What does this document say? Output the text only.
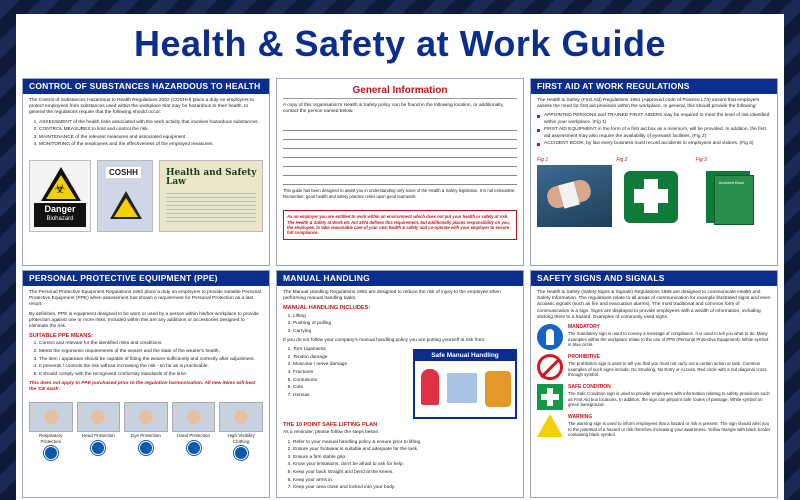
Health & Safety at Work Guide
CONTROL OF SUBSTANCES HAZARDOUS TO HEALTH

The Control of Substances Hazardous to Health Regulations 2002 (COSHH) place a duty on employers to protect employees from substances used within the workplace that may be hazardous to their health. In general the regulations require that the following should occur:

1. ASSESSMENT of the health risks associated with the work activity that involves hazardous substances.
2. CONTROL MEASURES to limit and control the risk.
3. MAINTENANCE of the relevant measures and associated equipment.
4. MONITORING of the employees and the effectiveness of the employed measures.
☣
Danger
Biohazard
COSHH	Health and Safety Law
General Information

A copy of this organisation's Health & Safety policy can be found in the following location, or additionally, contact the person named below.

This guide has been designed to assist you in understanding only some of the Health & Safety legislation. It is not exhaustive. Remember, good health and safety practice relies upon good teamwork.

As an employer you are entitled to work within an environment which does not put your health or safety at risk. The Health & Safety at Work etc Act 1974 defines this requirement, but additionally places responsibility on you, the employee, to take reasonable care of your own health & safety and co-operate with your employer to ensure full compliance.
FIRST AID AT WORK REGULATIONS

The Health & Safety (First Aid) Regulations 1981 (Approved code of Practice L74) ensure that employers assess the need for first aid provision within the workplace. In general, this should provide the following:

APPOINTED PERSONS and TRAINED FIRST AIDERS may be required to meet the level of risk identified within your workplace. (Fig 1)
FIRST AID EQUIPMENT in the form of a first aid box as a minimum, will be provided. In addition, the first aid assessment may also require the availability of eyewash facilities. (Fig 2)
ACCIDENT BOOK, by law every business must record accidents to employees and visitors. (Fig 3)
Fig 1	Fig 2	Fig 3
Accident Book
PERSONAL PROTECTIVE EQUIPMENT (PPE)

The Personal Protective Equipment Regulations 1992 place a duty on employers to provide suitable Personal Protective Equipment (PPE) when assessment has shown a requirement for Personal Protection as a last resort.

By definition, PPE is equipment designed to be worn or used by a person within his/her workplace to provide protection against one or more risks. Included within this are any additions or accessories designed to eliminate the risk.

SUITABLE PPE MEANS:
1. Correct and relevant for the identified risks and conditions.
2. Meets the ergonomic requirements of the wearer and the state of the wearer's health.
3. The item / apparatus should be capable of fitting the wearer sufficiently and correctly after adjustment.
4. It prevents / controls the risk without increasing the risk - so far as is practicable.
5. It should comply with the recognised conformity standards of the time.

This does not apply to PPE purchased prior to the regulation harmonisation. All new items will bear the 'CE mark'.

Respiratory Protection
Head Protection	Eye Protection	Hand Protection	High Visibility Clothing
MANUAL HANDLING

The Manual Handling Regulations 1992 are designed to reduce the risk of injury to the employee when performing manual handling tasks.

MANUAL HANDLING INCLUDES:
1. Lifting
2. Pushing or pulling
3. Carrying

If you do not follow your company's manual handling policy you are putting yourself at risk from:

1. Torn Ligaments
2. Tendon damage
3. Muscular / nerve damage
4. Fractures
5. Contusions
6. Cuts
7. Hernias
Safe Manual Handling
THE 10 POINT SAFE LIFTING PLAN

As a reminder, please follow the steps below:

1. Refer to your manual handling policy & ensure prior to lifting.
2. Ensure your footwear is suitable and adequate for the task.
3. Ensure a firm stable grip.
4. Know your limitations, don't be afraid to ask for help.
5. Keep your back straight and bend at the knees.
6. Keep your arms in.
7. Keep your area close and locked into your body.
SAFETY SIGNS AND SIGNALS

The Health & Safety (Safety Signs & Signals) Regulations 1996 are designed to communicate Health and Safety Information. The regulations relate to all areas of communication for example illustrated signs and even acoustic signals (such as fire and evacuation alarms). The most traditional and common form of communication is a sign. Signs are displayed to provide employees with a wealth of information, including sticking them to a hazard. Examples of commonly used signs.

MANDATORY
The mandatory sign is used to convey a message of compliance. It is used to tell you what to do. Many examples within the workplace relate to the use of PPE (Personal Protective Equipment). White symbol in blue circle.
PROHIBITIVE
The prohibition sign is used to tell you that you must not carry out a certain action or task. Common examples of such signs include: No Smoking, No Entry or Access. Red circle with a red diagonal cross through symbol.
SAFE CONDITION
The Safe Condition sign is used to provide employees with information relating to safety provisions such as First Aid box locations. In addition, the sign can pinpoint safe routes of passage. White symbol on green background.
WARNING
The warning sign is used to inform employees that a hazard or risk is present. The sign should alert you to the potential of a hazard or risk therefore increasing your awareness. Yellow triangle with black border containing black symbol.
